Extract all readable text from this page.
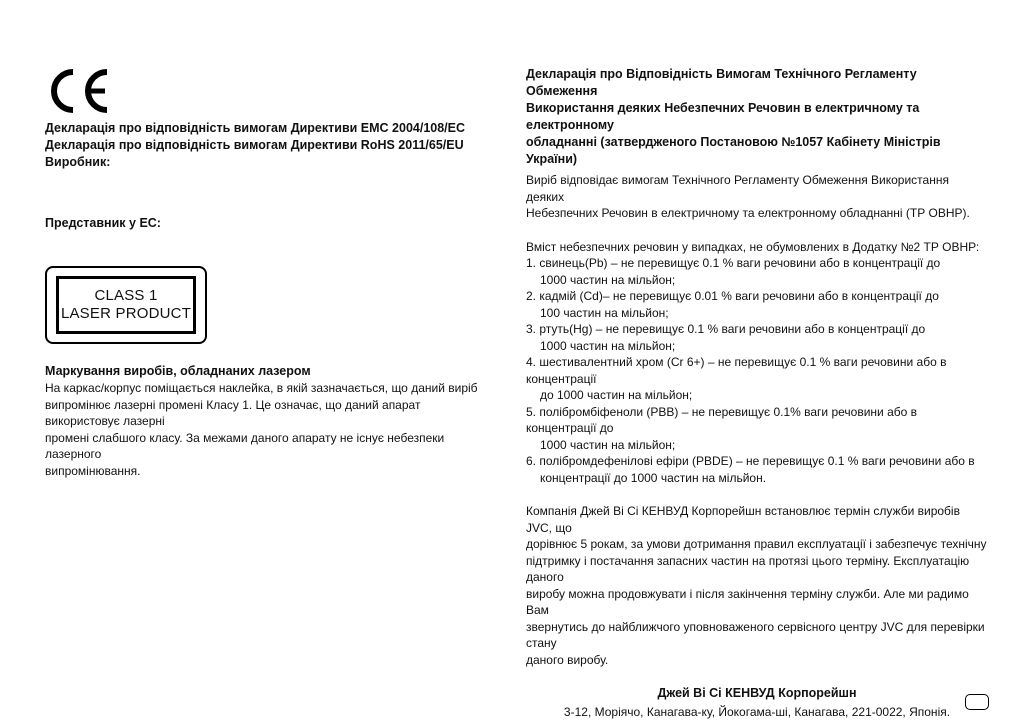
Декларація про відповідність вимогам Директиви EMC 2004/108/EC
Декларація про відповідність вимогам Директиви RoHS 2011/65/EU
Виробник:
Представник у ЕС:
CLASS 1
LASER PRODUCT
Маркування виробів, обладнаних лазером
На каркас/корпус поміщається наклейка, в якій зазначається, що даний виріб
випромінює лазерні промені Класу 1. Це означає, що даний апарат використовує лазерні
промені слабшого класу. За межами даного апарату не існує небезпеки лазерного
випромінювання.
Декларація про Відповідність Вимогам Технічного Регламенту Обмеження
Використання деяких Небезпечних Речовин в електричному та електронному
обладнанні (затвердженого Постановою №1057 Кабінету Міністрів України)
Виріб відповідає вимогам Технічного Регламенту Обмеження Використання деяких
Небезпечних Речовин в електричному та електронному обладнанні (ТР ОВНР).
Вміст небезпечних речовин у випадках, не обумовлених в Додатку №2 ТР ОВНР:
1. свинець(Pb) – не перевищує 0.1 % ваги речовини або в концентрації до
1000 частин на мільйон;
2. кадмій (Cd)– не перевищує 0.01 % ваги речовини або в концентрації до
100 частин на мільйон;
3. ртуть(Hg) – не перевищує 0.1 % ваги речовини або в концентрації до
1000 частин на мільйон;
4. шестивалентний хром (Cr 6+) – не перевищує 0.1 % ваги речовини або в концентрації
до 1000 частин на мільйон;
5. полібромбіфеноли (PBB) – не перевищує 0.1% ваги речовини або в концентрації до
1000 частин на мільйон;
6. полібромдефенілові ефіри (PBDE) – не перевищує 0.1 % ваги речовини або в
концентрації до 1000 частин на мільйон.
Компанія Джей Ві Сі КЕНВУД Корпорейшн встановлює термін служби виробів JVC, що
дорівнює 5 рокам, за умови дотримання правил експлуатації і забезпечує технічну
підтримку і постачання запасних частин на протязі цього терміну. Експлуатацію даного
виробу можна продовжувати і після закінчення терміну служби. Але ми радимо Вам
звернутись до найближчого уповноваженого сервісного центру JVC для перевірки стану
даного виробу.
Джей Ві Сі КЕНВУД Корпорейшн
3-12, Моріячо, Канагава-ку, Йокогама-ші, Канагава, 221-0022, Японія.
